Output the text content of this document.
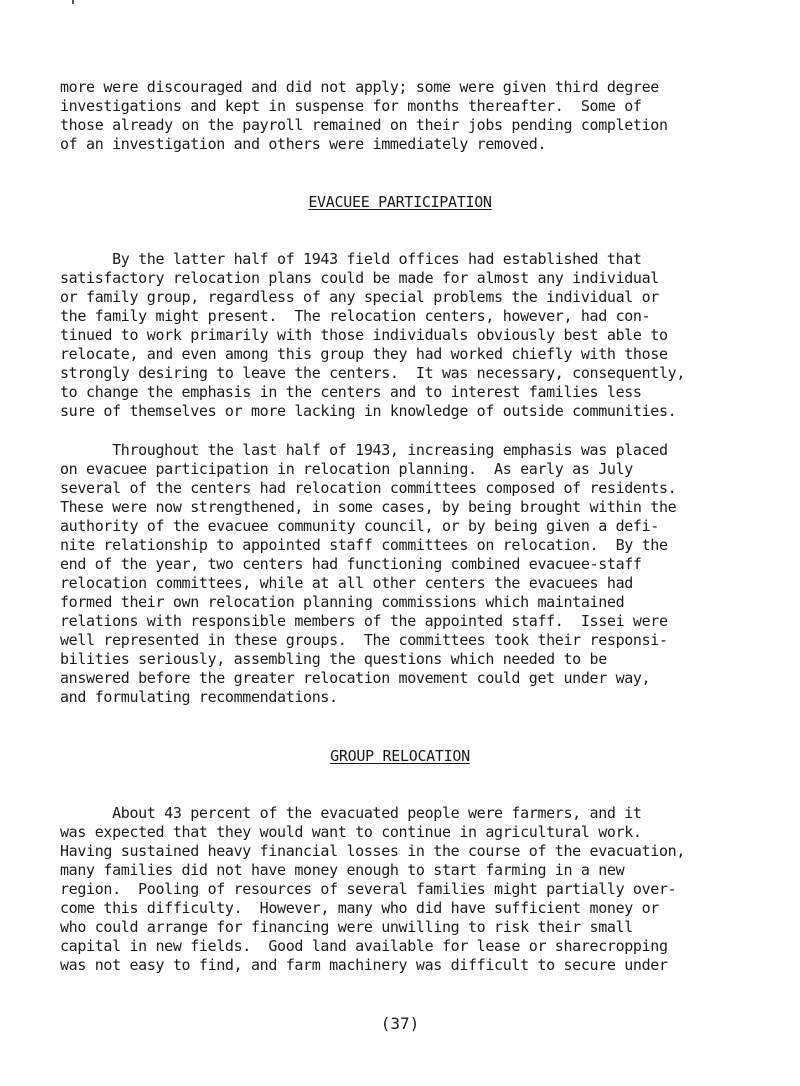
more were discouraged and did not apply; some were given third degree
investigations and kept in suspense for months thereafter.  Some of
those already on the payroll remained on their jobs pending completion
of an investigation and others were immediately removed.
EVACUEE PARTICIPATION
By the latter half of 1943 field offices had established that
satisfactory relocation plans could be made for almost any individual
or family group, regardless of any special problems the individual or
the family might present.  The relocation centers, however, had con-
tinued to work primarily with those individuals obviously best able to
relocate, and even among this group they had worked chiefly with those
strongly desiring to leave the centers.  It was necessary, consequently,
to change the emphasis in the centers and to interest families less
sure of themselves or more lacking in knowledge of outside communities.
Throughout the last half of 1943, increasing emphasis was placed
on evacuee participation in relocation planning.  As early as July
several of the centers had relocation committees composed of residents.
These were now strengthened, in some cases, by being brought within the
authority of the evacuee community council, or by being given a defi-
nite relationship to appointed staff committees on relocation.  By the
end of the year, two centers had functioning combined evacuee-staff
relocation committees, while at all other centers the evacuees had
formed their own relocation planning commissions which maintained
relations with responsible members of the appointed staff.  Issei were
well represented in these groups.  The committees took their responsi-
bilities seriously, assembling the questions which needed to be
answered before the greater relocation movement could get under way,
and formulating recommendations.
GROUP RELOCATION
About 43 percent of the evacuated people were farmers, and it
was expected that they would want to continue in agricultural work.
Having sustained heavy financial losses in the course of the evacuation,
many families did not have money enough to start farming in a new
region.  Pooling of resources of several families might partially over-
come this difficulty.  However, many who did have sufficient money or
who could arrange for financing were unwilling to risk their small
capital in new fields.  Good land available for lease or sharecropping
was not easy to find, and farm machinery was difficult to secure under
(37)
